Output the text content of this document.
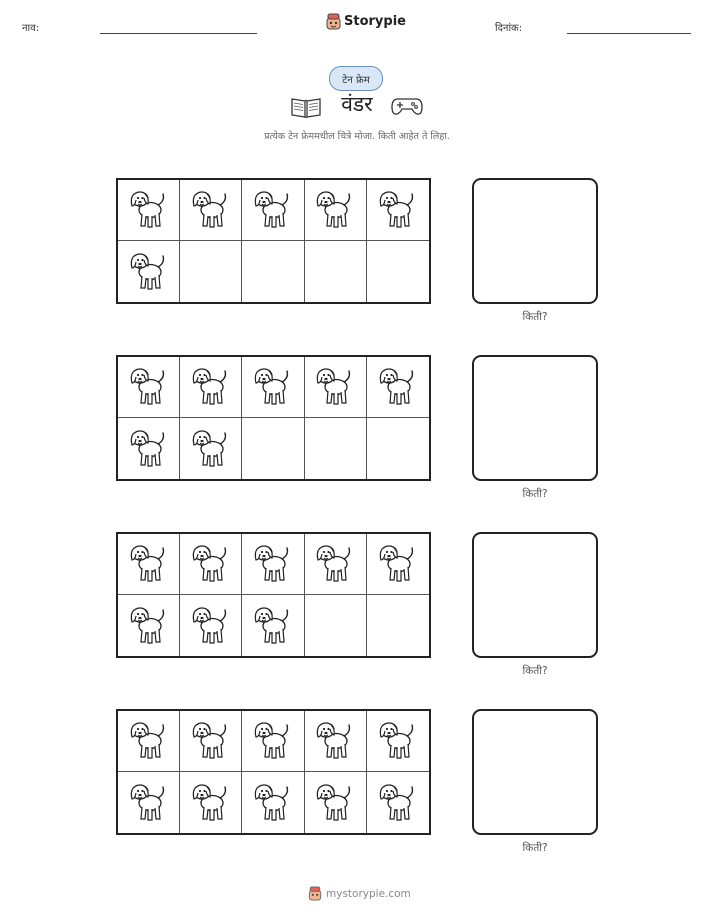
नाव:	Storypie	दिनांक:
टेन फ्रेम
वंडर
प्रत्येक टेन फ्रेममधील चित्रे मोजा. किती आहेत ते लिहा.
किती?
किती?
किती?
किती?
mystorypie.com
